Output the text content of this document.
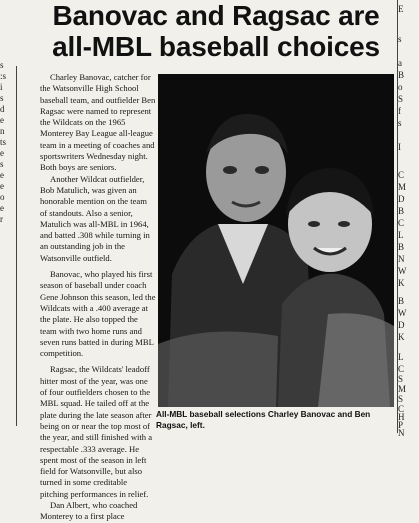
Banovac and Ragsac are
all-MBL baseball choices
s
:s
i
s
d
e
n
ts
e
s
e
e
o
e
r

Charley Banovac, catcher for the Watsonville High School baseball team, and outfielder Ben Ragsac were named to represent the Wildcats on the 1965 Monterey Bay League all-league team in a meeting of coaches and sportswriters Wednesday night. Both boys are seniors.

Another Wildcat outfielder, Bob Matulich, was given an honorable mention on the team of standouts. Also a senior, Matulich was all-MBL in 1964, and batted .308 while turning in an outstanding job in the Watsonville outfield.

Banovac, who played his first season of baseball under coach Gene Johnson this season, led the Wildcats with a .400 average at the plate. He also topped the team with two home runs and seven runs batted in during MBL competition.

Ragsac, the Wildcats' leadoff hitter most of the year, was one of four outfielders chosen to the MBL squad. He tailed off at the plate during the late season after being on or near the top most of the year, and still finished with a respectable .333 average. He spent most of the season in left field for Watsonville, but also turned in some creditable pitching performances in relief.

Dan Albert, who coached Monterey to a first place

All-MBL baseball selections Charley Banovac and Ben Ragsac, left.
E
s
a
B
o
S
f
s
I
C
M
D
B
C
L
B
N
W
K
B
W
D
K
L
C
S
M
S
C
H
P
N
